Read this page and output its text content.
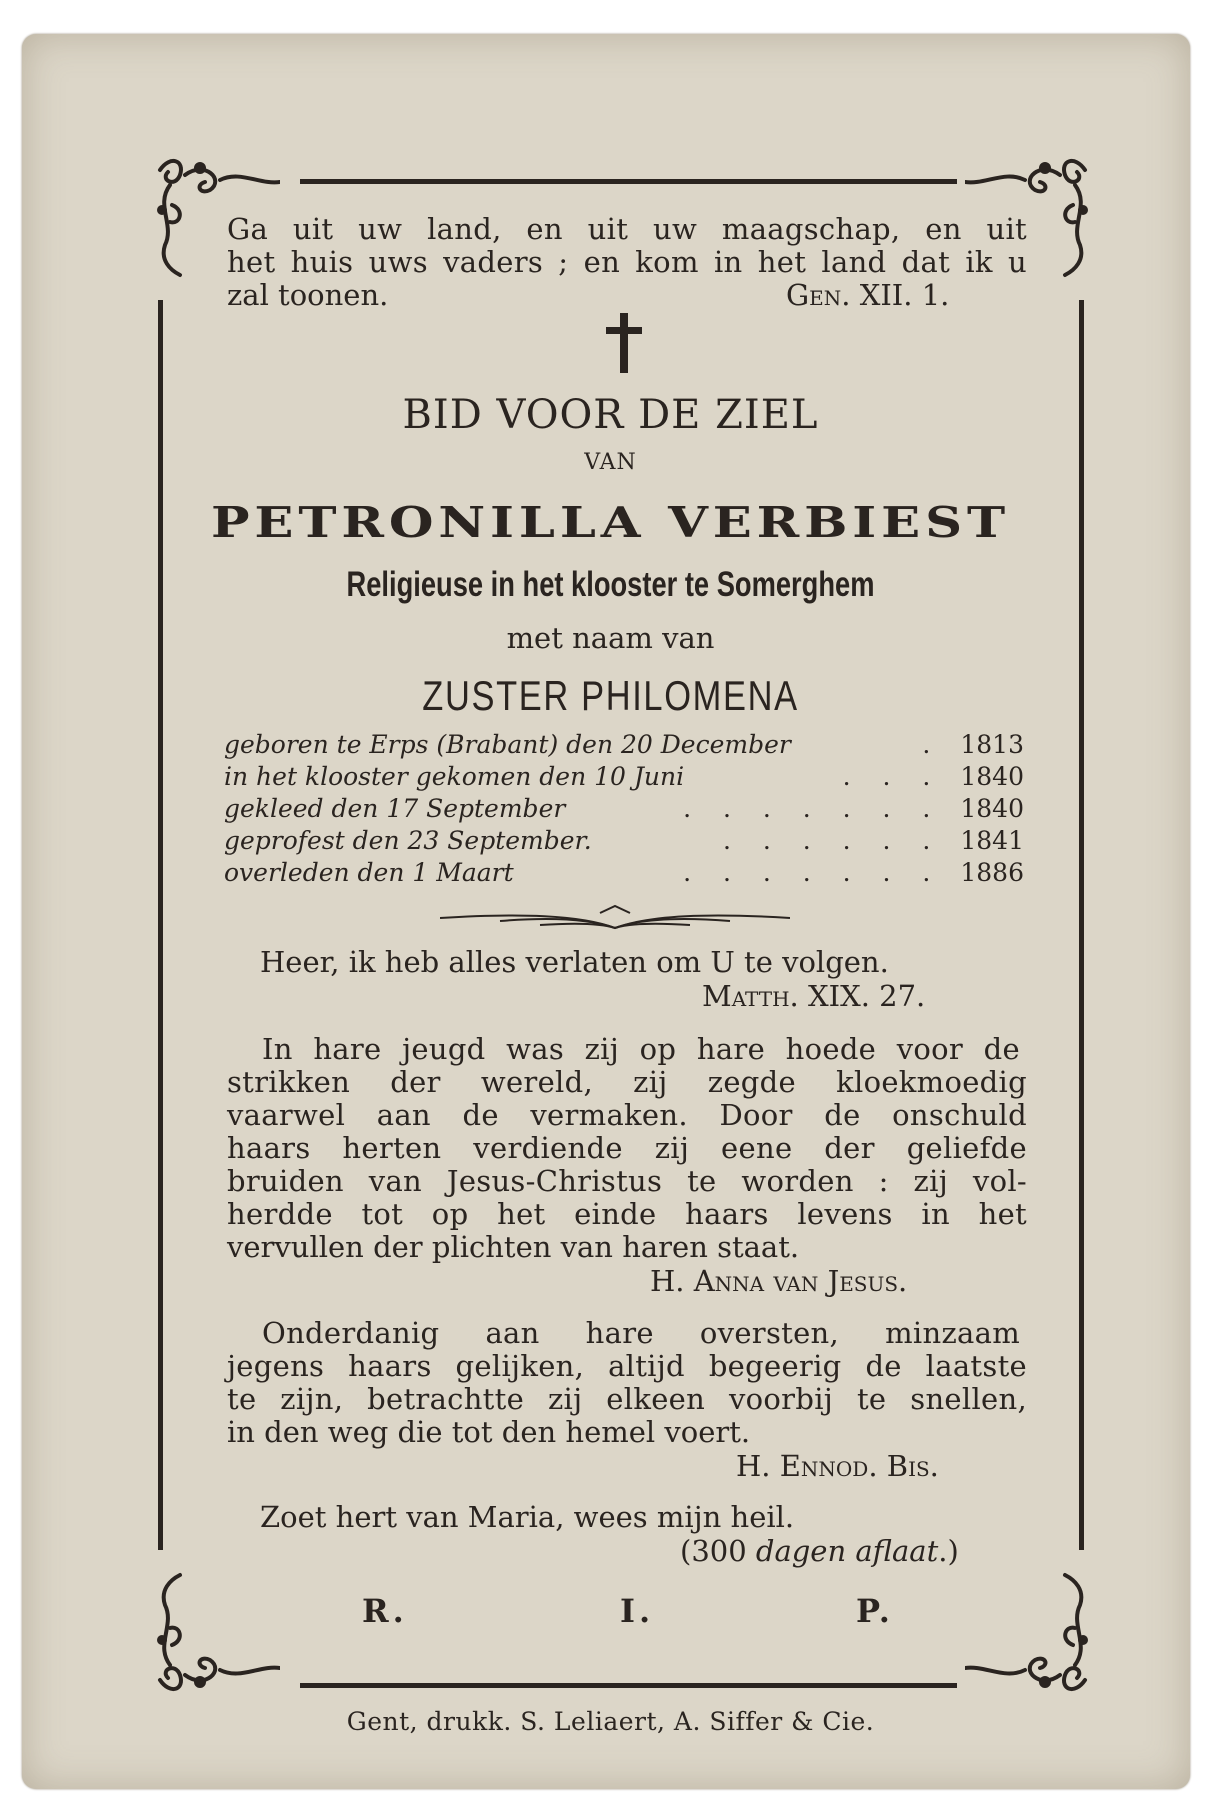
Ga uit uw land, en uit uw maagschap, en uit
het huis uws vaders ; en kom in het land dat ik u
zal toonen.	Gen. XII. 1.
BID VOOR DE ZIEL
VAN
PETRONILLA VERBIEST
Religieuse in het klooster te Somerghem
met naam van
ZUSTER PHILOMENA
geboren te Erps (Brabant) den 20 December	. 1813
in het klooster gekomen den 10 Juni	. . . 1840
gekleed den 17 September	. . . . . . . 1840
geprofest den 23 September.	. . . . . . 1841
overleden den 1 Maart	. . . . . . . 1886
Heer, ik heb alles verlaten om U te volgen.
Matth. XIX. 27.
In hare jeugd was zij op hare hoede voor de
strikken der wereld, zij zegde kloekmoedig
vaarwel aan de vermaken. Door de onschuld
haars herten verdiende zij eene der geliefde
bruiden van Jesus-Christus te worden : zij vol-
herdde tot op het einde haars levens in het
vervullen der plichten van haren staat.
H. Anna van Jesus.
Onderdanig aan hare oversten, minzaam
jegens haars gelijken, altijd begeerig de laatste
te zijn, betrachtte zij elkeen voorbij te snellen,
in den weg die tot den hemel voert.
H. Ennod. Bis.
Zoet hert van Maria, wees mijn heil.
(300 dagen aflaat.)
R.	I.	P.
Gent, drukk. S. Leliaert, A. Siffer & Cie.
